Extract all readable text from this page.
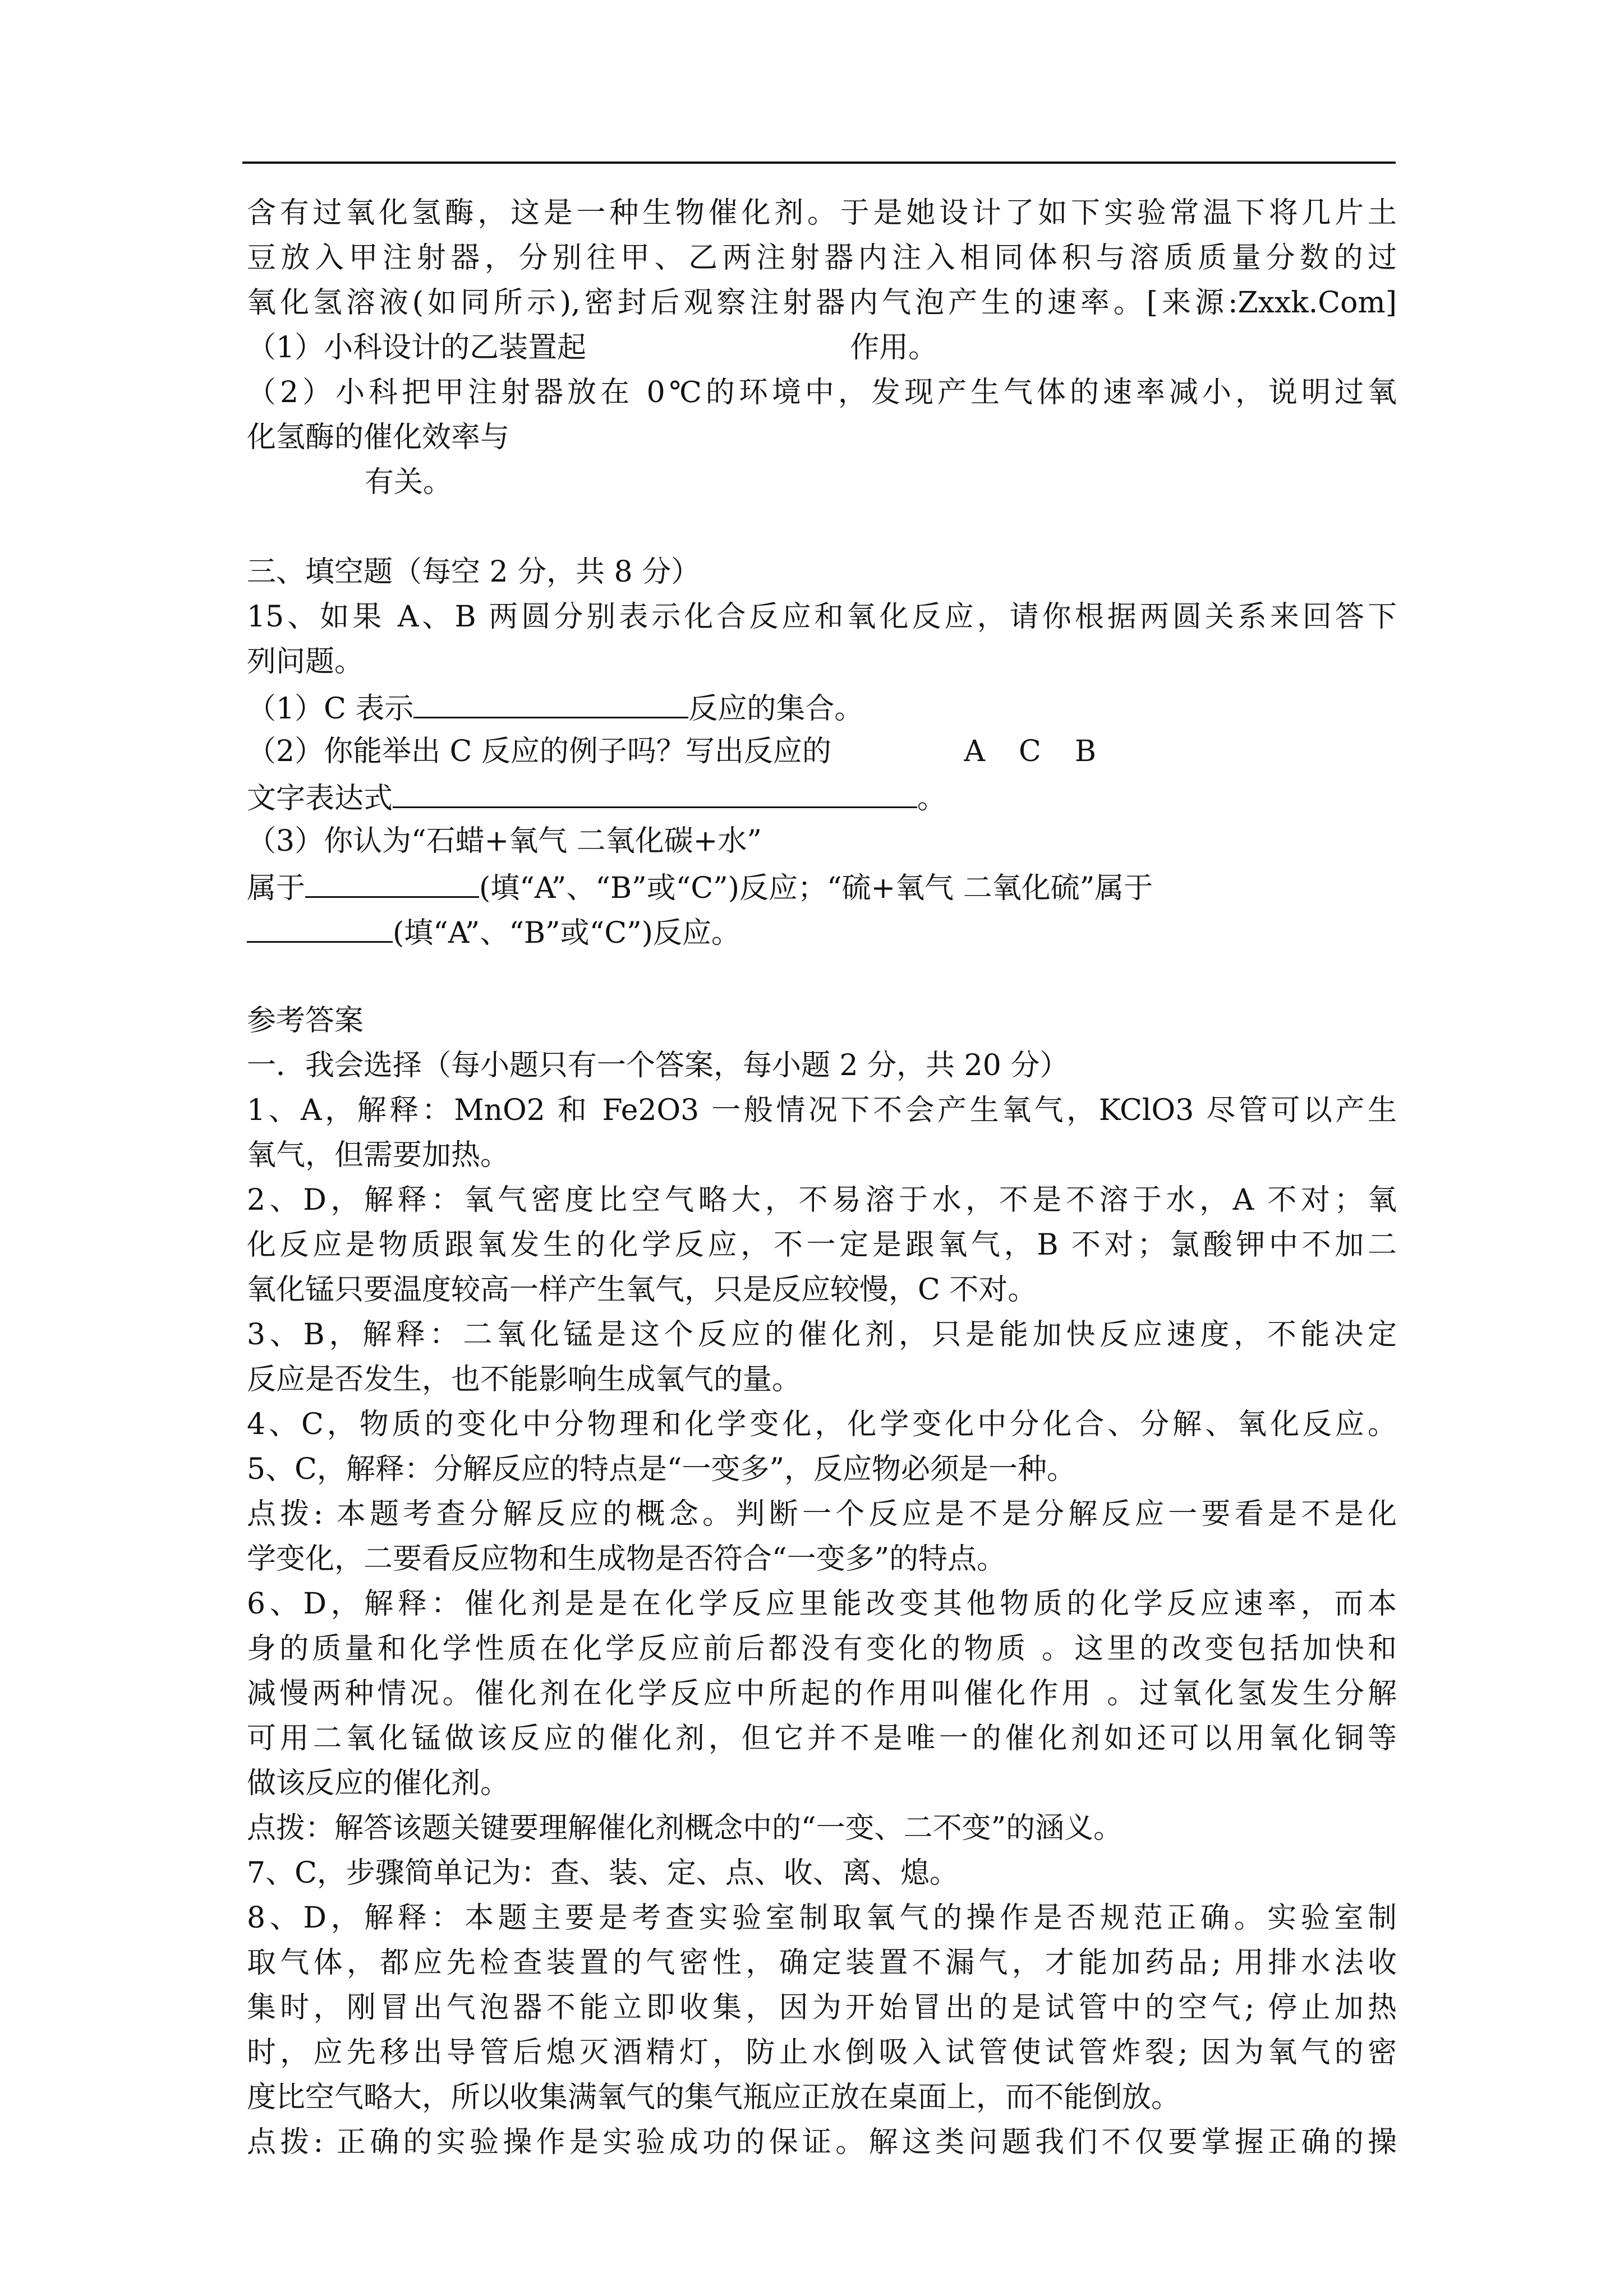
含有过氧化氢酶，这是一种生物催化剂。于是她设计了如下实验常温下将几片土
豆放入甲注射器，分别往甲、乙两注射器内注入相同体积与溶质质量分数的过
氧化氢溶液(如同所示),密封后观察注射器内气泡产生的速率。[来源:Zxxk.Com]
（1）小科设计的乙装置起	作用。
（2）小科把甲注射器放在 0℃的环境中，发现产生气体的速率减小，说明过氧
化氢酶的催化效率与
有关。
三、填空题（每空 2 分，共 8 分）
15、如果 A、B 两圆分别表示化合反应和氧化反应，请你根据两圆关系来回答下
列问题。
（1）C 表示	反应的集合。
（2）你能举出 C 反应的例子吗？写出反应的	A C B
文字表达式	。
（3）你认为“石蜡+氧气 二氧化碳+水”
属于	(填“A”、“B”或“C”)反应；“硫+氧气 二氧化硫”属于
(填“A”、“B”或“C”)反应。
参考答案
一．我会选择（每小题只有一个答案，每小题 2 分，共 20 分）
1、A，解释：MnO2 和 Fe2O3 一般情况下不会产生氧气，KClO3 尽管可以产生
氧气，但需要加热。
2、D，解释：氧气密度比空气略大，不易溶于水，不是不溶于水，A 不对；氧
化反应是物质跟氧发生的化学反应，不一定是跟氧气，B 不对；氯酸钾中不加二
氧化锰只要温度较高一样产生氧气，只是反应较慢，C 不对。
3、B，解释：二氧化锰是这个反应的催化剂，只是能加快反应速度，不能决定
反应是否发生，也不能影响生成氧气的量。
4、C，物质的变化中分物理和化学变化，化学变化中分化合、分解、氧化反应。
5、C，解释：分解反应的特点是“一变多”，反应物必须是一种。
点拨: 本题考查分解反应的概念。判断一个反应是不是分解反应一要看是不是化
学变化，二要看反应物和生成物是否符合“一变多”的特点。
6、D，解释：催化剂是是在化学反应里能改变其他物质的化学反应速率，而本
身的质量和化学性质在化学反应前后都没有变化的物质 。这里的改变包括加快和
减慢两种情况。催化剂在化学反应中所起的作用叫催化作用 。过氧化氢发生分解
可用二氧化锰做该反应的催化剂，但它并不是唯一的催化剂如还可以用氧化铜等
做该反应的催化剂。
点拨：解答该题关键要理解催化剂概念中的“一变、二不变”的涵义。
7、C，步骤简单记为：查、装、定、点、收、离、熄。
8、D，解释：本题主要是考查实验室制取氧气的操作是否规范正确。实验室制
取气体，都应先检查装置的气密性，确定装置不漏气，才能加药品; 用排水法收
集时，刚冒出气泡器不能立即收集，因为开始冒出的是试管中的空气; 停止加热
时，应先移出导管后熄灭酒精灯，防止水倒吸入试管使试管炸裂; 因为氧气的密
度比空气略大，所以收集满氧气的集气瓶应正放在桌面上，而不能倒放。
点拨: 正确的实验操作是实验成功的保证。解这类问题我们不仅要掌握正确的操
